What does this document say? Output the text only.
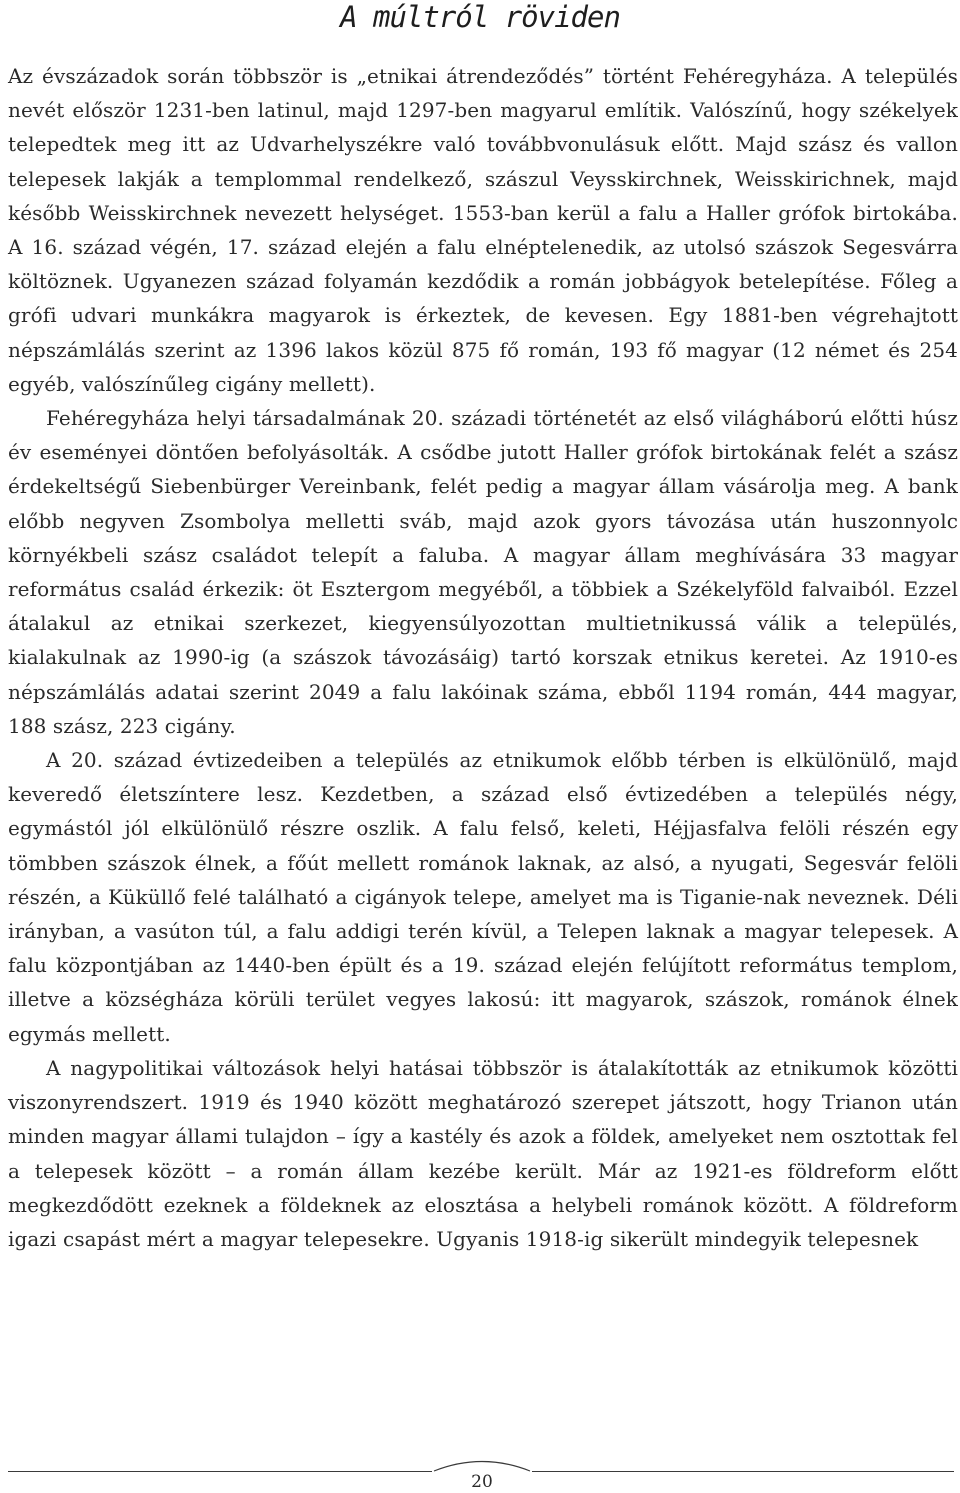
A múltról röviden

Az évszázadok során többször is „etnikai átrendeződés” történt Fehéregyháza. A település nevét először 1231-ben latinul, majd 1297-ben magyarul említik. Valószínű, hogy székelyek telepedtek meg itt az Udvarhelyszékre való továbbvonulásuk előtt. Majd szász és vallon telepesek lakják a templommal rendelkező, szászul Veysskirchnek, Weisskirichnek, majd később Weisskirchnek nevezett helységet. 1553-ban kerül a falu a Haller grófok birtokába. A 16. század végén, 17. század elején a falu elnéptelenedik, az utolsó szászok Segesvárra költöznek. Ugyanezen század folyamán kezdődik a román jobbágyok betelepítése. Főleg a grófi udvari munkákra magyarok is érkeztek, de kevesen. Egy 1881-ben végrehajtott népszámlálás szerint az 1396 lakos közül 875 fő román, 193 fő magyar (12 német és 254 egyéb, valószínűleg cigány mellett).

Fehéregyháza helyi társadalmának 20. századi történetét az első világháború előtti húsz év eseményei döntően befolyásolták. A csődbe jutott Haller grófok birtokának felét a szász érdekeltségű Siebenbürger Vereinbank, felét pedig a magyar állam vásárolja meg. A bank előbb negyven Zsombolya melletti sváb, majd azok gyors távozása után huszonnyolc környékbeli szász családot telepít a faluba. A magyar állam meghívására 33 magyar református család érkezik: öt Esztergom megyéből, a többiek a Székelyföld falvaiból. Ezzel átalakul az etnikai szerkezet, kiegyensúlyozottan multietnikussá válik a település, kialakulnak az 1990-ig (a szászok távozásáig) tartó korszak etnikus keretei. Az 1910-es népszámlálás adatai szerint 2049 a falu lakóinak száma, ebből 1194 román, 444 magyar, 188 szász, 223 cigány.

A 20. század évtizedeiben a település az etnikumok előbb térben is elkülönülő, majd keveredő életszíntere lesz. Kezdetben, a század első évtizedében a település négy, egymástól jól elkülönülő részre oszlik. A falu felső, keleti, Héjjasfalva felöli részén egy tömbben szászok élnek, a főút mellett románok laknak, az alsó, a nyugati, Segesvár felöli részén, a Küküllő felé található a cigányok telepe, amelyet ma is Tiganie-nak neveznek. Déli irányban, a vasúton túl, a falu addigi terén kívül, a Telepen laknak a magyar telepesek. A falu központjában az 1440-ben épült és a 19. század elején felújított református templom, illetve a községháza körüli terület vegyes lakosú: itt magyarok, szászok, románok élnek egymás mellett.

A nagypolitikai változások helyi hatásai többször is átalakították az etnikumok közötti viszonyrendszert. 1919 és 1940 között meghatározó szerepet játszott, hogy Trianon után minden magyar állami tulajdon – így a kastély és azok a földek, amelyeket nem osztottak fel a telepesek között – a román állam kezébe került. Már az 1921-es földreform előtt megkezdődött ezeknek a földeknek az elosztása a helybeli románok között. A földreform igazi csapást mért a magyar telepesekre. Ugyanis 1918-ig sikerült mindegyik telepesnek

20
